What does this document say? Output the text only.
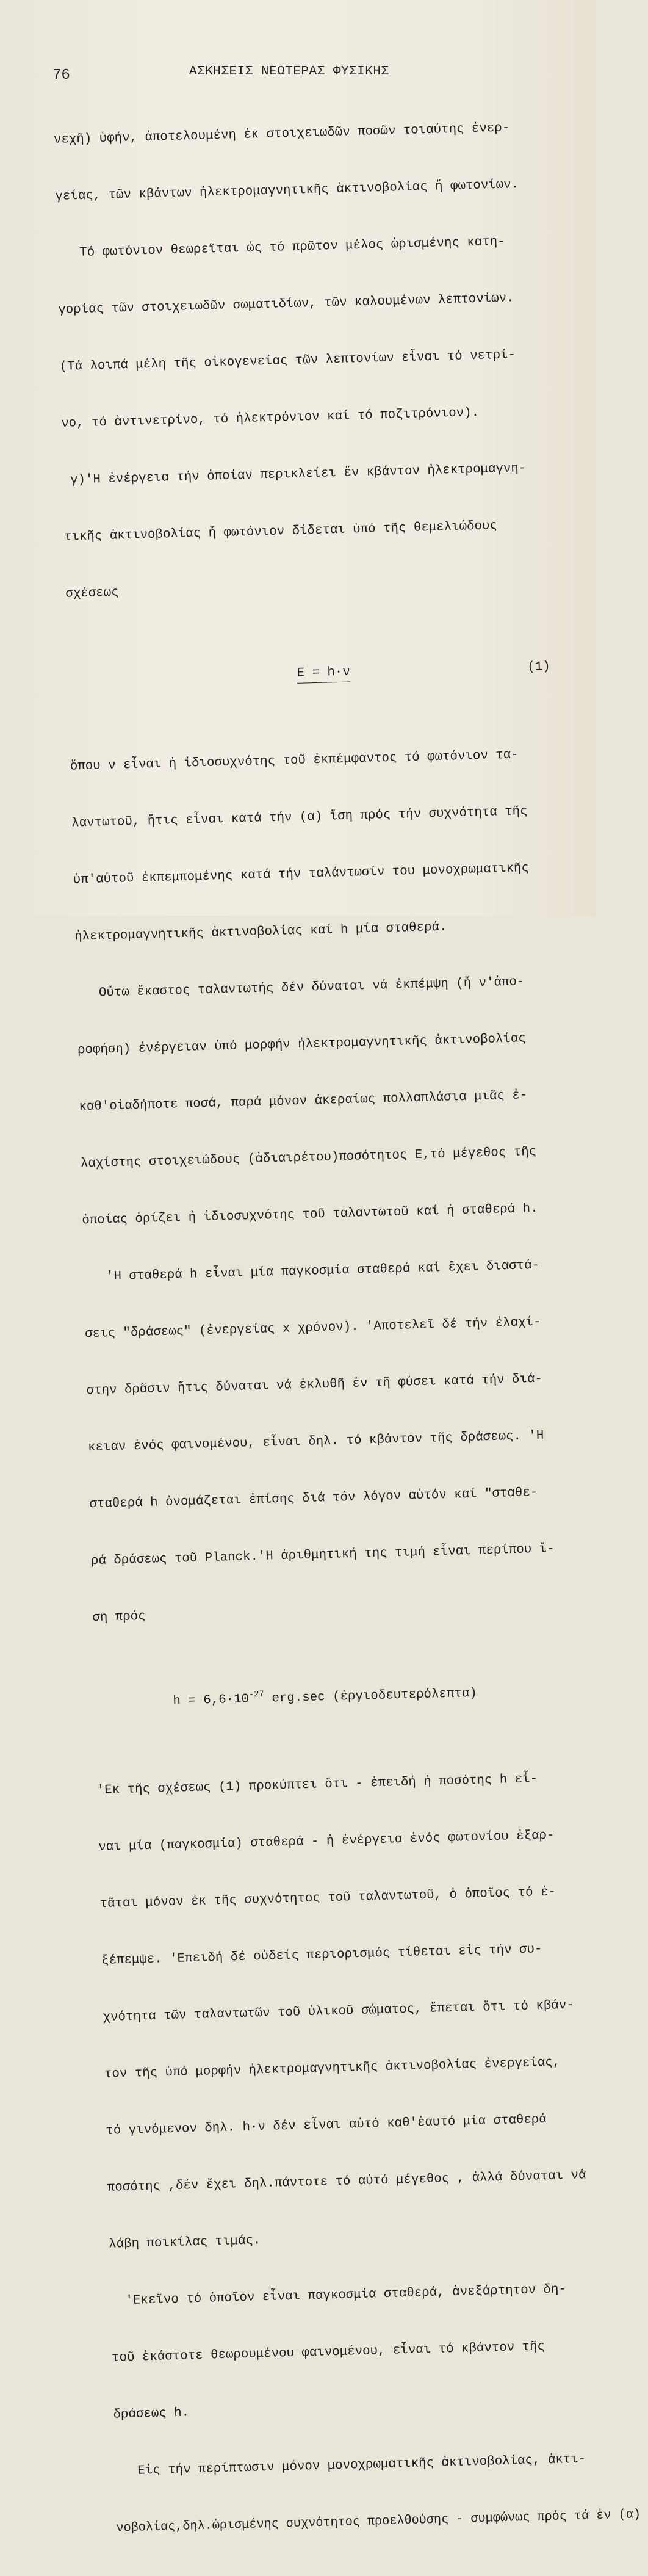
76	ΑΣΚΗΣΕΙΣ ΝΕΩΤΕΡΑΣ ΦΥΣΙΚΗΣ

νεχῆ) ὑφήν, ἀποτελουμένη ἐκ στοιχειωδῶν ποσῶν τοιαύτης ἐνερ-

γείας, τῶν κβάντων ἠλεκτρομαγνητικῆς ἀκτινοβολίας ἤ φωτονίων.

Τό φωτόνιον θεωρεῖται ὡς τό πρῶτον μέλος ὡρισμένης κατη-

γορίας τῶν στοιχειωδῶν σωματιδίων, τῶν καλουμένων λεπτονίων.

(Τά λοιπά μέλη τῆς οἰκογενείας τῶν λεπτονίων εἶναι τό νετρί-

νο, τό ἀντινετρίνο, τό ἠλεκτρόνιον καί τό ποζιτρόνιον).

γ)'Η ἐνέργεια τήν ὁποίαν περικλείει ἕν κβάντον ἠλεκτρομαγνη-

τικῆς ἀκτινοβολίας ἤ φωτόνιον δίδεται ὑπό τῆς θεμελιώδους

σχέσεως

E = h·ν	(1)

ὅπου ν εἶναι ἡ ἰδιοσυχνότης τοῦ ἐκπέμφαντος τό φωτόνιον τα-

λαντωτοῦ, ἥτις εἶναι κατά τήν (α) ἴση πρός τήν συχνότητα τῆς

ὑπ'αὐτοῦ ἐκπεμπομένης κατά τήν ταλάντωσίν του μονοχρωματικῆς

ἠλεκτρομαγνητικῆς ἀκτινοβολίας καί h μία σταθερά.

Οὕτω ἕκαστος ταλαντωτής δέν δύναται νά ἐκπέμψη (ἤ ν'ἀπο-

ροφήση) ἐνέργειαν ὑπό μορφήν ἠλεκτρομαγνητικῆς ἀκτινοβολίας

καθ'οἱαδήποτε ποσά, παρά μόνον ἀκεραίως πολλαπλάσια μιᾶς ἐ-

λαχίστης στοιχειώδους (ἀδιαιρέτου)ποσότητος Ε,τό μέγεθος τῆς

ὁποίας ὁρίζει ἡ ἰδιοσυχνότης τοῦ ταλαντωτοῦ καί ἡ σταθερά h.

'Η σταθερά h εἶναι μία παγκοσμία σταθερά καί ἔχει διαστά-

σεις "δράσεως" (ἐνεργείας x χρόνον). 'Αποτελεῖ δέ τήν ἐλαχί-

στην δρᾶσιν ἥτις δύναται νά ἐκλυθῆ ἐν τῆ φύσει κατά τήν διά-

κειαν ἑνός φαινομένου, εἶναι δηλ. τό κβάντον τῆς δράσεως. 'Η

σταθερά h ὀνομάζεται ἐπίσης διά τόν λόγον αὐτόν καί "σταθε-

ρά δράσεως τοῦ Planck.'Η ἀριθμητική της τιμή εἶναι περίπου ἴ-

ση πρός

$h = 6,6\cdot 10^{-27}$ erg.sec (ἐργιοδευτερόλεπτα)

'Εκ τῆς σχέσεως (1) προκύπτει ὅτι - ἐπειδή ἡ ποσότης h εἶ-

ναι μία (παγκοσμία) σταθερά - ἡ ἐνέργεια ἑνός φωτονίου ἐξαρ-

τᾶται μόνον ἐκ τῆς συχνότητος τοῦ ταλαντωτοῦ, ὁ ὁποῖος τό ἐ-

ξέπεμψε. 'Επειδή δέ οὐδείς περιορισμός τίθεται εἰς τήν συ-

χνότητα τῶν ταλαντωτῶν τοῦ ὑλικοῦ σώματος, ἕπεται ὅτι τό κβάν-

τον τῆς ὑπό μορφήν ἠλεκτρομαγνητικῆς ἀκτινοβολίας ἐνεργείας,

τό γινόμενον δηλ. h·ν δέν εἶναι αὐτό καθ'ἑαυτό μία σταθερά

ποσότης ,δέν ἔχει δηλ.πάντοτε τό αὐτό μέγεθος , ἀλλά δύναται νά

λάβη ποικίλας τιμάς.

'Εκεῖνο τό ὁποῖον εἶναι παγκοσμία σταθερά, ἀνεξάρτητον δη-

τοῦ ἑκάστοτε θεωρουμένου φαινομένου, εἶναι τό κβάντον τῆς

δράσεως h.

Εἰς τήν περίπτωσιν μόνον μονοχρωματικῆς ἀκτινοβολίας, ἀκτι-

νοβολίας,δηλ.ὡρισμένης συχνότητος προελθούσης - συμφώνως πρός τά ἐν (α)
